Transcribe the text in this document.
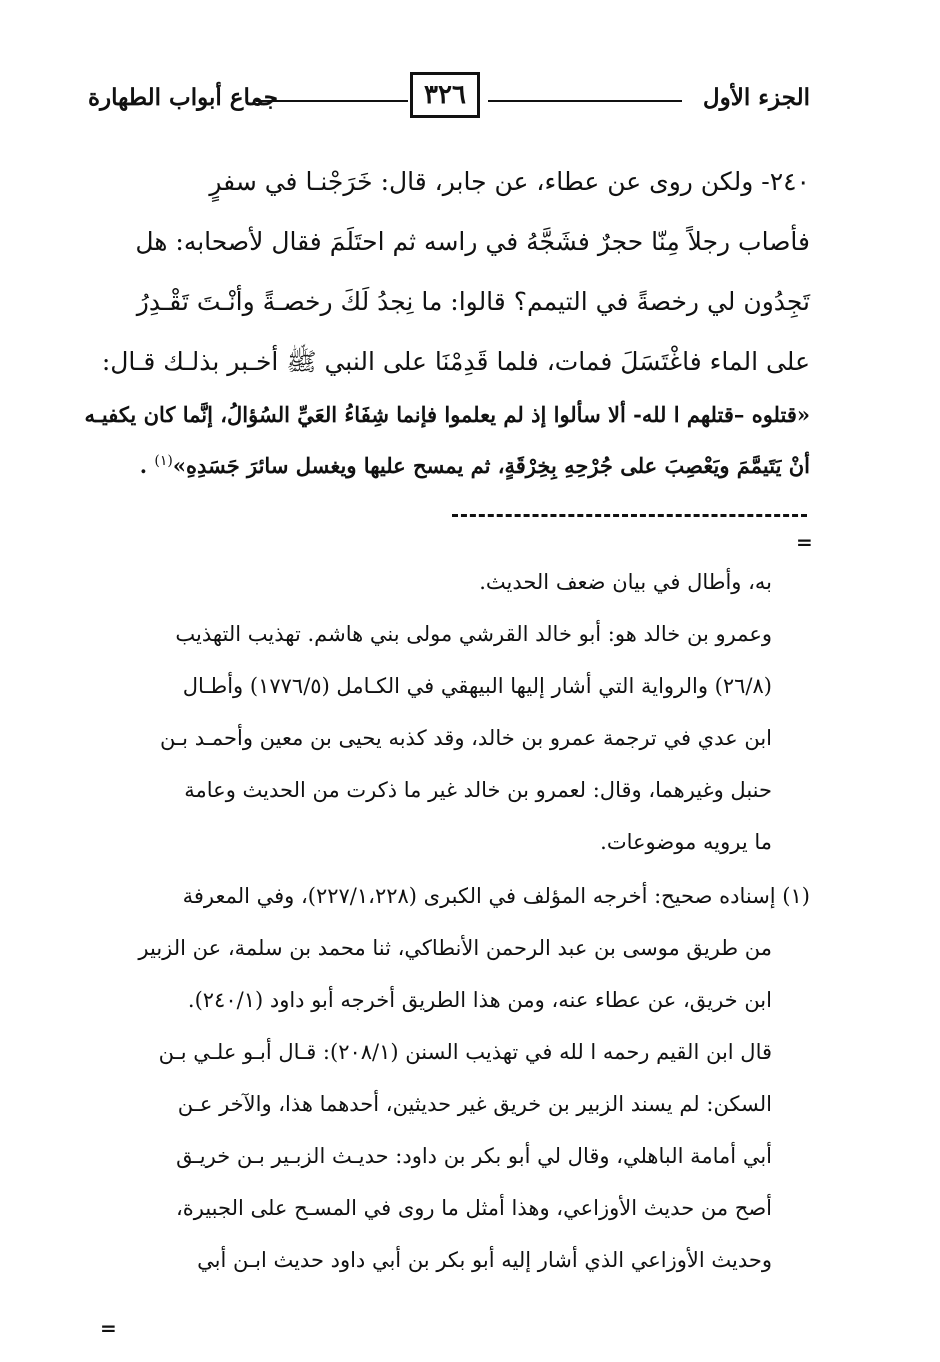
الجزء الأول
٣٢٦
جماع أبواب الطهارة
٢٤٠- ولكن روى عن عطاء، عن جابر، قال: خَرَجْنـا في سفرٍ
فأصاب رجلاً مِنّا حجرٌ فشَجَّهُ في راسه ثم احتَلَمَ فقال لأصحابه: هل
تَجِدُون لي رخصةً في التيمم؟ قالوا: ما نِجدُ لَكَ رخصـةً وأنْـتَ تَقْـدِرُ
على الماء فاغْتَسَلَ فمات، فلما قَدِمْنَا على النبي ﷺ أخـبر بذلـك قـال:
«قتلوه –قتلهم ا لله- ألا سألوا إذ لم يعلموا فإنما شِفَاءُ العَيِّ السُؤالُ، إنَّما كان يكفيـه
أنْ يَتَيمَّمَ ويَعْصِبَ على جُرْحِهِ بِخِرْقَةٍ، ثم يمسح عليها ويغسل سائرَ جَسَدِهِ»$^{(١)}$ .
=
به، وأطال في بيان ضعف الحديث.
وعمرو بن خالد هو: أبو خالد القرشي مولى بني هاشم. تهذيب التهذيب
(٢٦/٨) والرواية التي أشار إليها البيهقي في الكـامل (١٧٧٦/٥) وأطـال
ابن عدي في ترجمة عمرو بن خالد، وقد كذبه يحيى بن معين وأحمـد بـن
حنبل وغيرهما، وقال: لعمرو بن خالد غير ما ذكرت من الحديث وعامة
ما يرويه موضوعات.
(١) إسناده صحيح: أخرجه المؤلف في الكبرى (٢٢٧/١،٢٢٨)، وفي المعرفة
من طريق موسى بن عبد الرحمن الأنطاكي، ثنا محمد بن سلمة، عن الزبير
ابن خريق، عن عطاء عنه، ومن هذا الطريق أخرجه أبو داود (٢٤٠/١).
قال ابن القيم رحمه ا لله في تهذيب السنن (٢٠٨/١): قـال أبـو علـي بـن
السكن: لم يسند الزبير بن خريق غير حديثين، أحدهما هذا، والآخر عـن
أبي أمامة الباهلي، وقال لي أبو بكر بن داود: حديـث الزبـير بـن خريـق
أصح من حديث الأوزاعي، وهذا أمثل ما روى في المسـح على الجبيرة،
وحديث الأوزاعي الذي أشار إليه أبو بكر بن أبي داود حديث ابـن أبي
=
